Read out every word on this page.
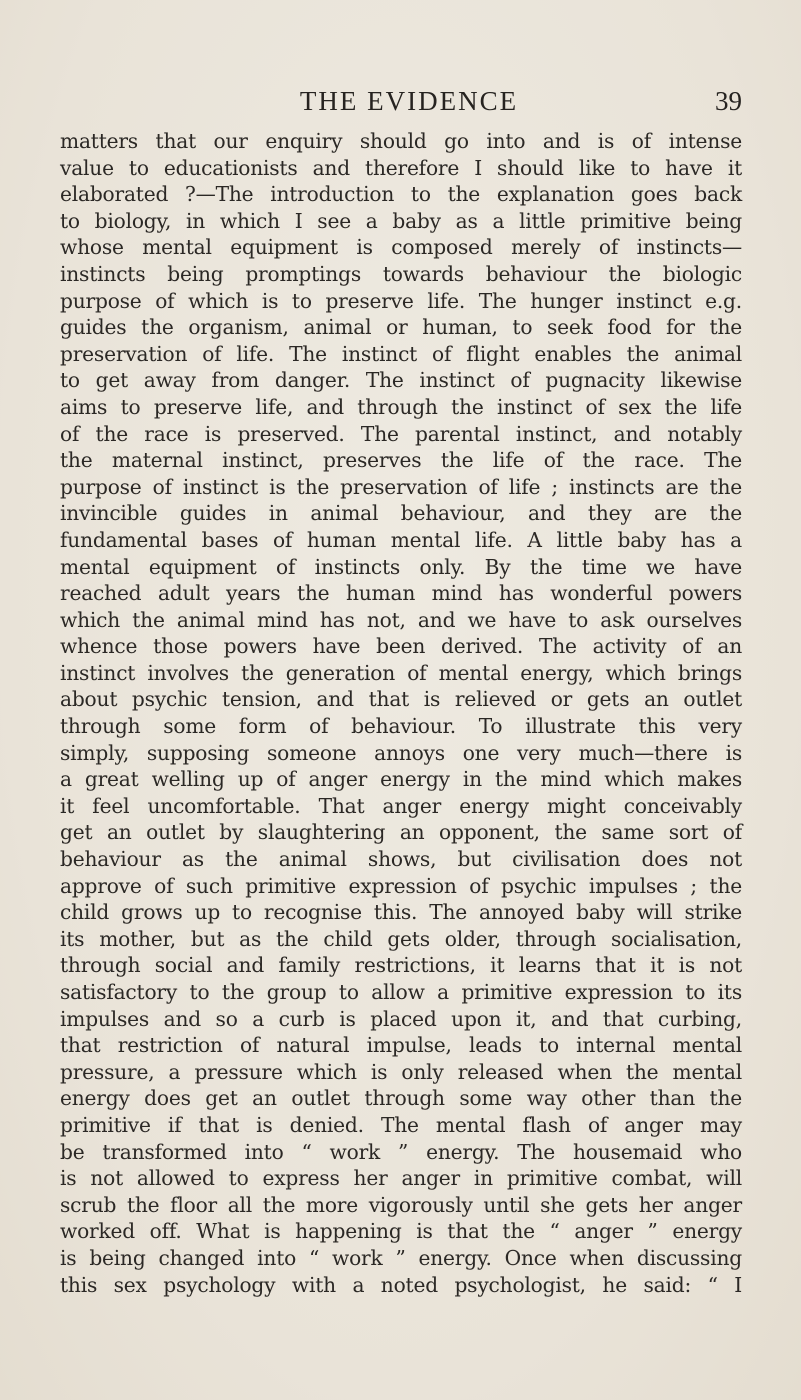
THE EVIDENCE	39
matters that our enquiry should go into and is of intense
value to educationists and therefore I should like to have it
elaborated ?—The introduction to the explanation goes back
to biology, in which I see a baby as a little primitive being
whose mental equipment is composed merely of instincts—
instincts being promptings towards behaviour the biologic
purpose of which is to preserve life. The hunger instinct e.g.
guides the organism, animal or human, to seek food for the
preservation of life. The instinct of flight enables the animal
to get away from danger. The instinct of pugnacity likewise
aims to preserve life, and through the instinct of sex the life
of the race is preserved. The parental instinct, and notably
the maternal instinct, preserves the life of the race. The
purpose of instinct is the preservation of life ; instincts are the
invincible guides in animal behaviour, and they are the
fundamental bases of human mental life. A little baby has a
mental equipment of instincts only. By the time we have
reached adult years the human mind has wonderful powers
which the animal mind has not, and we have to ask ourselves
whence those powers have been derived. The activity of an
instinct involves the generation of mental energy, which brings
about psychic tension, and that is relieved or gets an outlet
through some form of behaviour. To illustrate this very
simply, supposing someone annoys one very much—there is
a great welling up of anger energy in the mind which makes
it feel uncomfortable. That anger energy might conceivably
get an outlet by slaughtering an opponent, the same sort of
behaviour as the animal shows, but civilisation does not
approve of such primitive expression of psychic impulses ; the
child grows up to recognise this. The annoyed baby will strike
its mother, but as the child gets older, through socialisation,
through social and family restrictions, it learns that it is not
satisfactory to the group to allow a primitive expression to its
impulses and so a curb is placed upon it, and that curbing,
that restriction of natural impulse, leads to internal mental
pressure, a pressure which is only released when the mental
energy does get an outlet through some way other than the
primitive if that is denied. The mental flash of anger may
be transformed into “ work ” energy. The housemaid who
is not allowed to express her anger in primitive combat, will
scrub the floor all the more vigorously until she gets her anger
worked off. What is happening is that the “ anger ” energy
is being changed into “ work ” energy. Once when discussing
this sex psychology with a noted psychologist, he said: “ I
